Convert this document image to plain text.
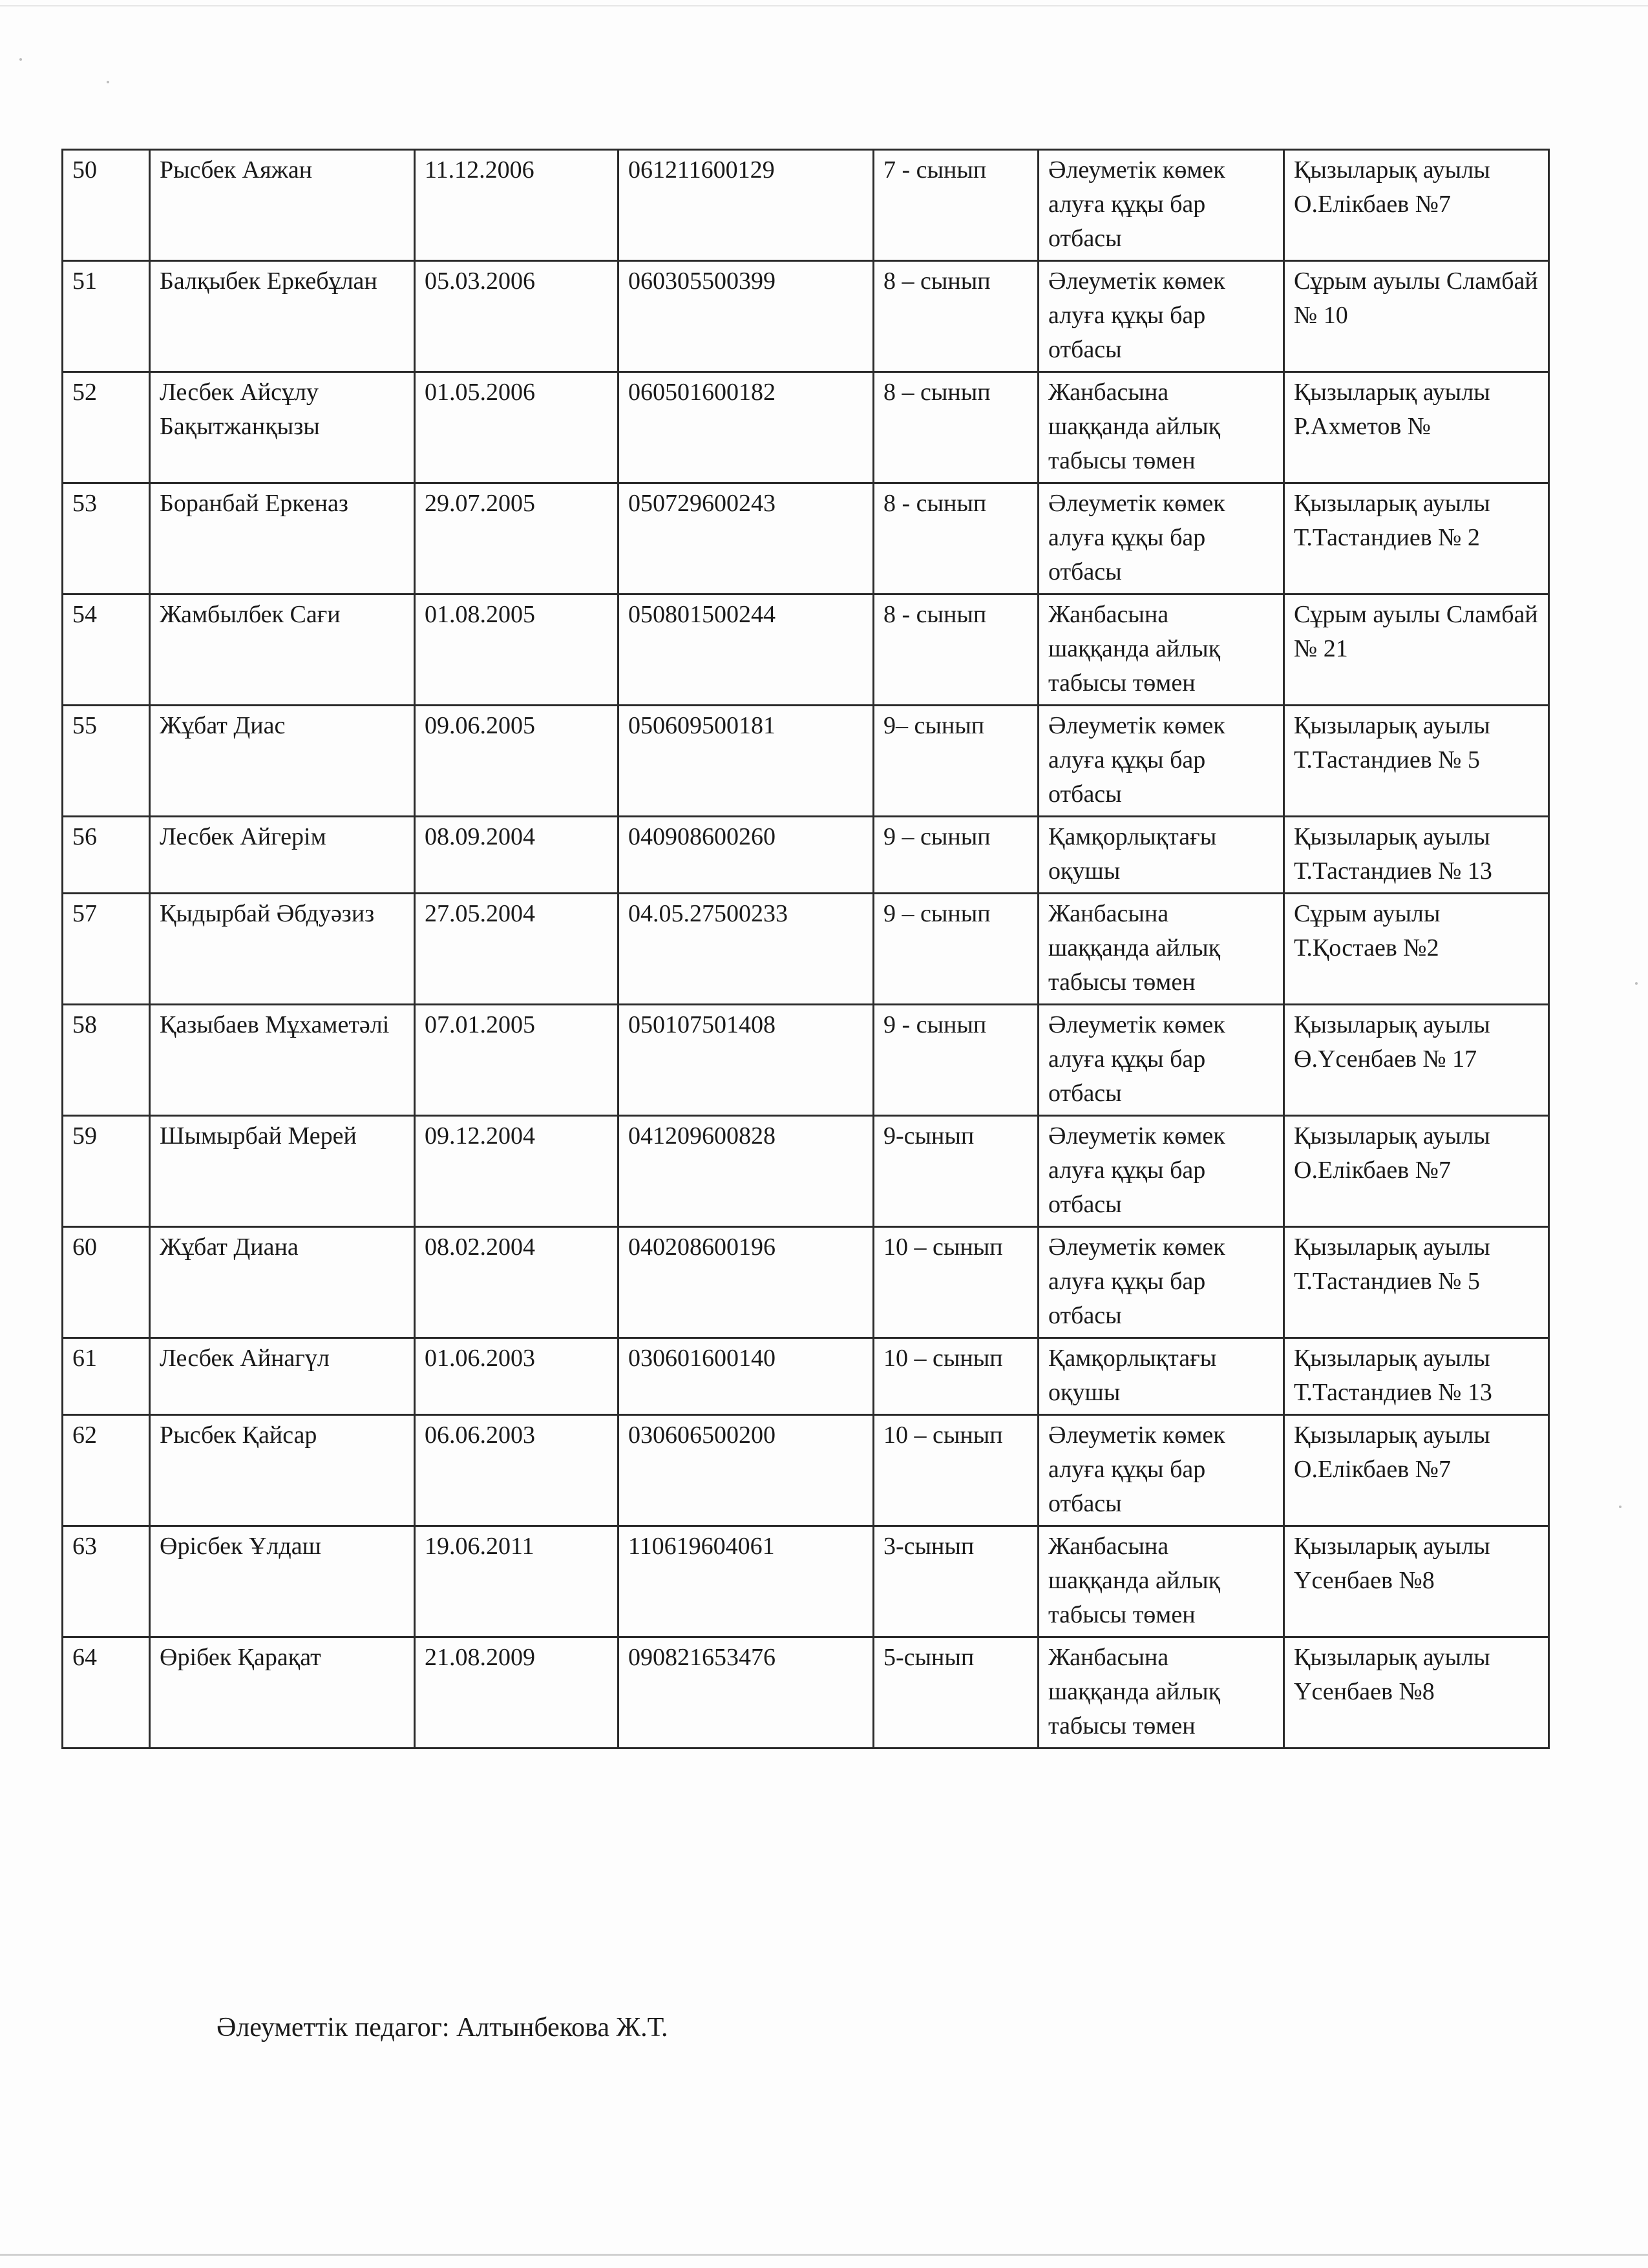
50	Рысбек Аяжан	11.12.2006	061211600129	7 - сынып	Әлеуметік көмек алуға құқы бар отбасы	Қызыларық ауылы О.Елікбаев №7
51	Балқыбек Еркебұлан	05.03.2006	060305500399	8 – сынып	Әлеуметік көмек алуға құқы бар отбасы	Сұрым ауылы Сламбай № 10
52	Лесбек Айсұлу Бақытжанқызы	01.05.2006	060501600182	8 – сынып	Жанбасына шаққанда айлық табысы төмен	Қызыларық ауылы Р.Ахметов №
53	Боранбай Еркеназ	29.07.2005	050729600243	8 - сынып	Әлеуметік көмек алуға құқы бар отбасы	Қызыларық ауылы Т.Тастандиев № 2
54	Жамбылбек Сағи	01.08.2005	050801500244	8 - сынып	Жанбасына шаққанда айлық табысы төмен	Сұрым ауылы Сламбай № 21
55	Жұбат Диас	09.06.2005	050609500181	9– сынып	Әлеуметік көмек алуға құқы бар отбасы	Қызыларық ауылы Т.Тастандиев № 5
56	Лесбек Айгерім	08.09.2004	040908600260	9 – сынып	Қамқорлықтағы оқушы	Қызыларық ауылы Т.Тастандиев № 13
57	Қыдырбай Әбдуәзиз	27.05.2004	04.05.27500233	9 – сынып	Жанбасына шаққанда айлық табысы төмен	Сұрым ауылы Т.Қостаев №2
58	Қазыбаев Мұхаметәлі	07.01.2005	050107501408	9 - сынып	Әлеуметік көмек алуға құқы бар отбасы	Қызыларық ауылы Ө.Үсенбаев № 17
59	Шымырбай Мерей	09.12.2004	041209600828	9-сынып	Әлеуметік көмек алуға құқы бар отбасы	Қызыларық ауылы О.Елікбаев №7
60	Жұбат Диана	08.02.2004	040208600196	10 – сынып	Әлеуметік көмек алуға құқы бар отбасы	Қызыларық ауылы Т.Тастандиев № 5
61	Лесбек Айнагүл	01.06.2003	030601600140	10 – сынып	Қамқорлықтағы оқушы	Қызыларық ауылы Т.Тастандиев № 13
62	Рысбек Қайсар	06.06.2003	030606500200	10 – сынып	Әлеуметік көмек алуға құқы бар отбасы	Қызыларық ауылы О.Елікбаев №7
63	Өрісбек Ұлдаш	19.06.2011	110619604061	3-сынып	Жанбасына шаққанда айлық табысы төмен	Қызыларық ауылы Үсенбаев №8
64	Өрібек Қарақат	21.08.2009	090821653476	5-сынып	Жанбасына шаққанда айлық табысы төмен	Қызыларық ауылы Үсенбаев №8
Әлеуметтік педагог: Алтынбекова Ж.Т.
